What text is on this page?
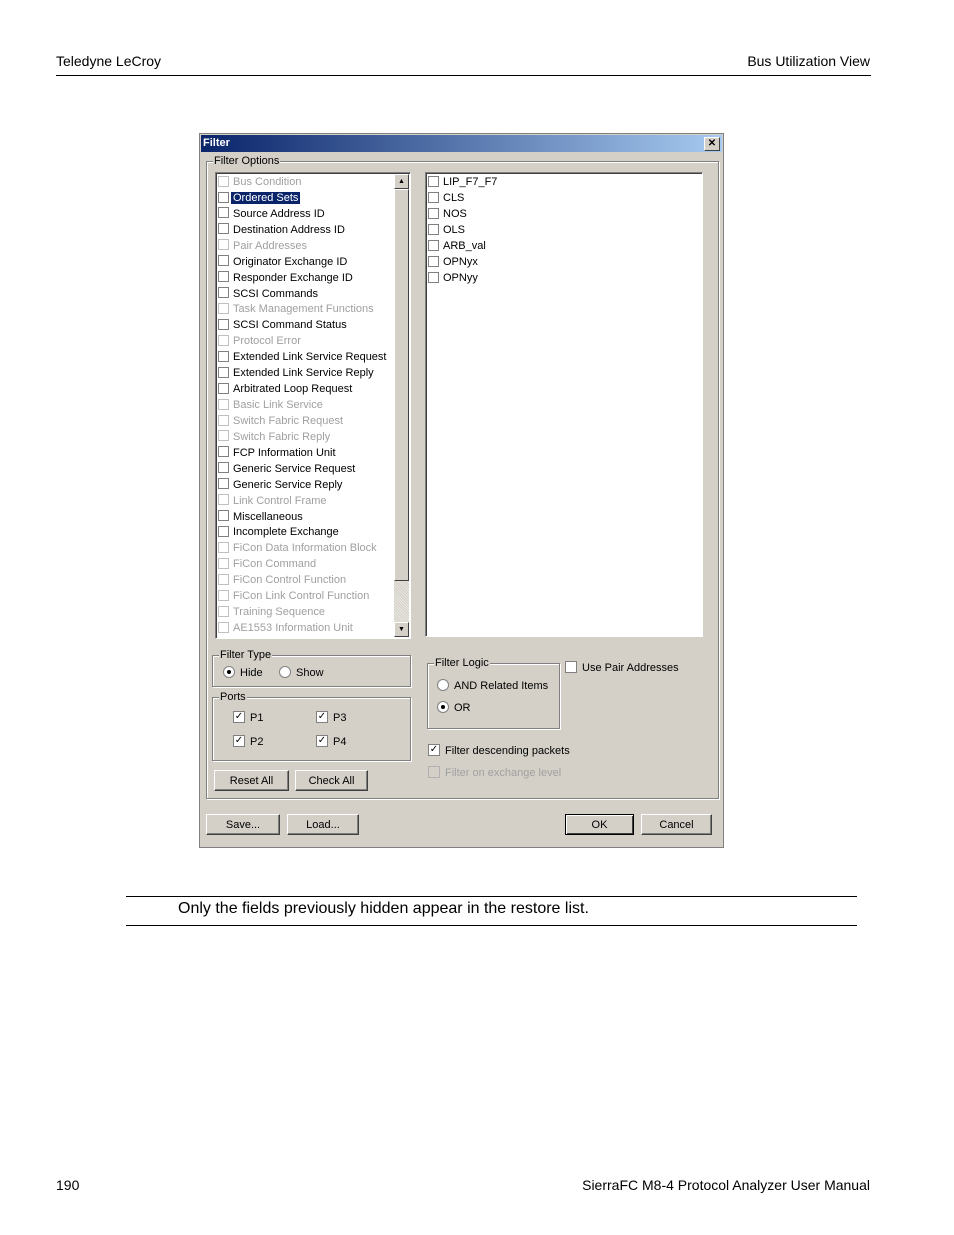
Teledyne LeCroy	Bus Utilization View
Filter	✕
Filter Options
Bus Condition
Ordered Sets
Source Address ID
Destination Address ID
Pair Addresses
Originator Exchange ID
Responder Exchange ID
SCSI Commands
Task Management Functions
SCSI Command Status
Protocol Error
Extended Link Service Request
Extended Link Service Reply
Arbitrated Loop Request
Basic Link Service
Switch Fabric Request
Switch Fabric Reply
FCP Information Unit
Generic Service Request
Generic Service Reply
Link Control Frame
Miscellaneous
Incomplete Exchange
FiCon Data Information Block
FiCon Command
FiCon Control Function
FiCon Link Control Function
Training Sequence
AE1553 Information Unit
▲
▼
LIP_F7_F7
CLS
NOS
OLS
ARB_val
OPNyx
OPNyy
Filter Type
Hide	Show
Ports
✓ P1	✓ P3
✓ P2	✓ P4
Reset All	Check All
Filter Logic
AND Related Items
OR
Use Pair Addresses
✓ Filter descending packets
Filter on exchange level
Save...	Load...	OK	Cancel
Only the fields previously hidden appear in the restore list.
190	SierraFC M8-4 Protocol Analyzer User Manual
